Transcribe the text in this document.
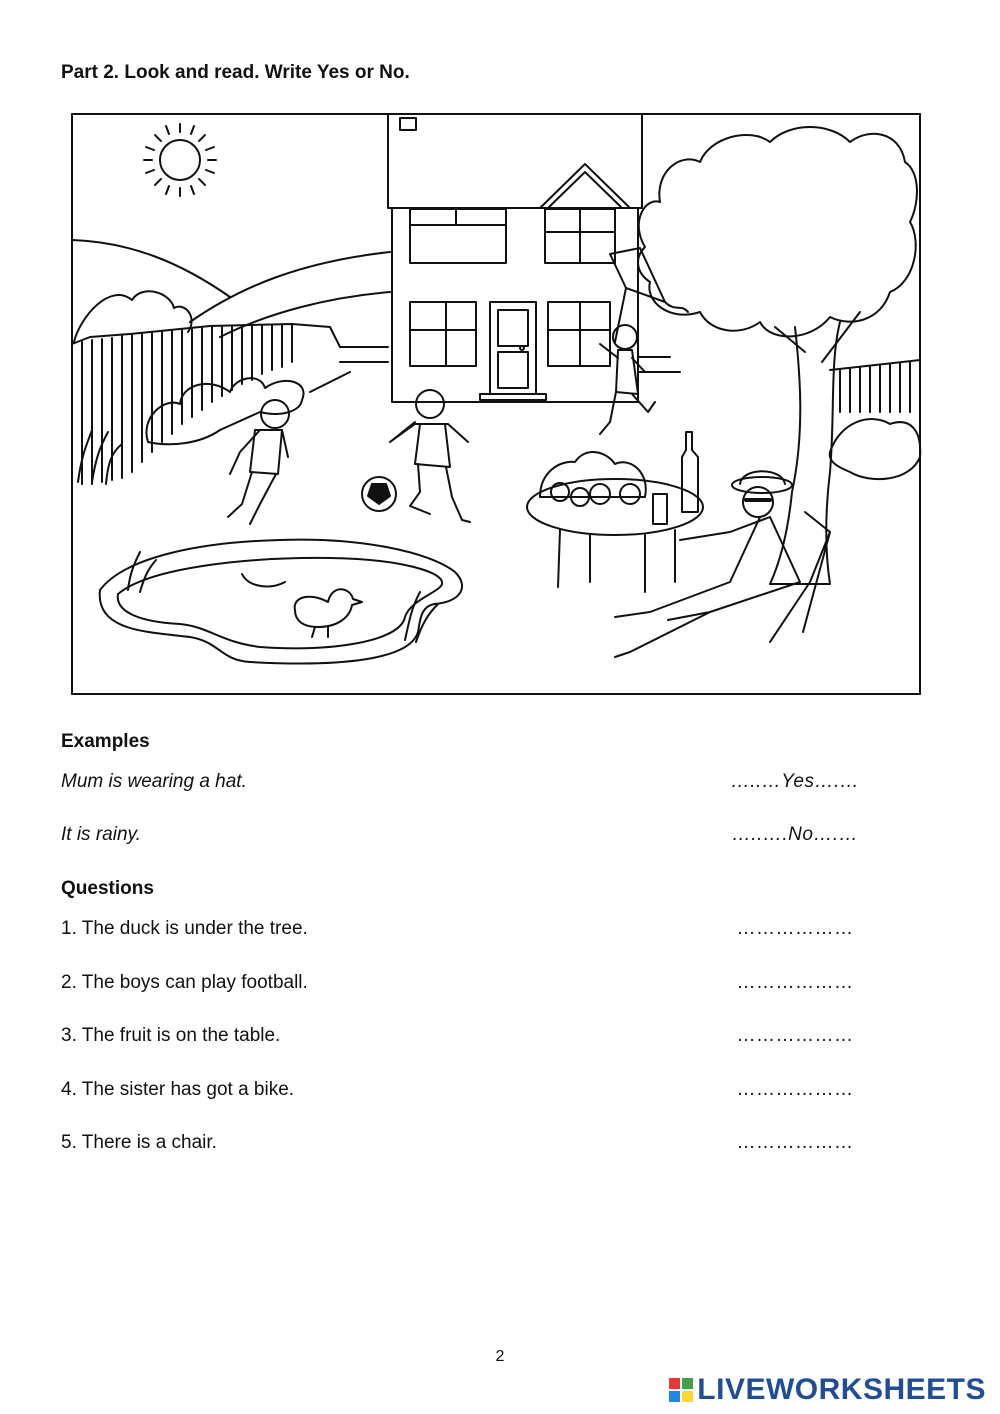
Part 2. Look and read. Write Yes or No.
Examples
Mum is wearing a hat.	…..…Yes….…
It is rainy.	…..….No….…
Questions
1. The duck is under the tree.	………………
2. The boys can play football.	………………
3. The fruit is on the table.	………………
4. The sister has got a bike.	………………
5. There is a chair.	………………
2
LIVEWORKSHEETS
